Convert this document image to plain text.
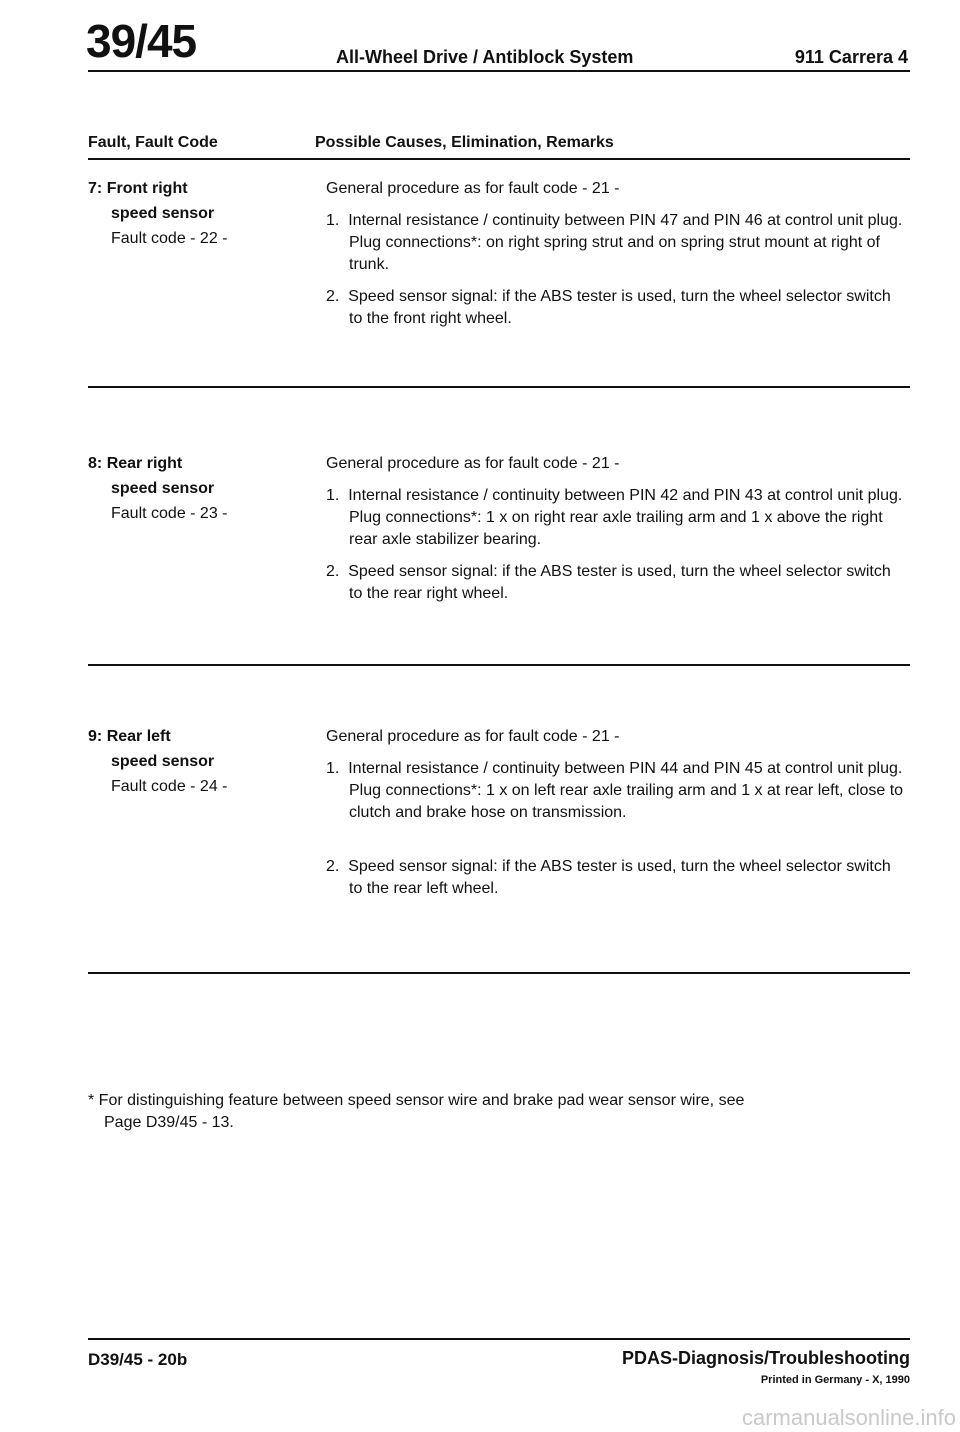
39/45	All-Wheel Drive / Antiblock System	911 Carrera 4
Fault, Fault Code	Possible Causes, Elimination, Remarks
7: Front right
speed sensor
Fault code - 22 -

General procedure as for fault code - 21 -

1. Internal resistance / continuity between PIN 47 and PIN 46 at control unit plug.

Plug connections*: on right spring strut and on spring strut mount at right of trunk.

2. Speed sensor signal: if the ABS tester is used, turn the wheel selector switch to the front right wheel.

8: Rear right
speed sensor
Fault code - 23 -

General procedure as for fault code - 21 -

1. Internal resistance / continuity between PIN 42 and PIN 43 at control unit plug.

Plug connections*: 1 x on right rear axle trailing arm and 1 x above the right rear axle stabilizer bearing.

2. Speed sensor signal: if the ABS tester is used, turn the wheel selector switch to the rear right wheel.

9: Rear left
speed sensor
Fault code - 24 -

General procedure as for fault code - 21 -

1. Internal resistance / continuity between PIN 44 and PIN 45 at control unit plug.

Plug connections*: 1 x on left rear axle trailing arm and 1 x at rear left, close to clutch and brake hose on transmission.

2. Speed sensor signal: if the ABS tester is used, turn the wheel selector switch to the rear left wheel.

* For distinguishing feature between speed sensor wire and brake pad wear sensor wire, see
Page D39/45 - 13.
D39/45 - 20b	PDAS-Diagnosis/Troubleshooting
Printed in Germany - X, 1990
carmanualsonline.info
